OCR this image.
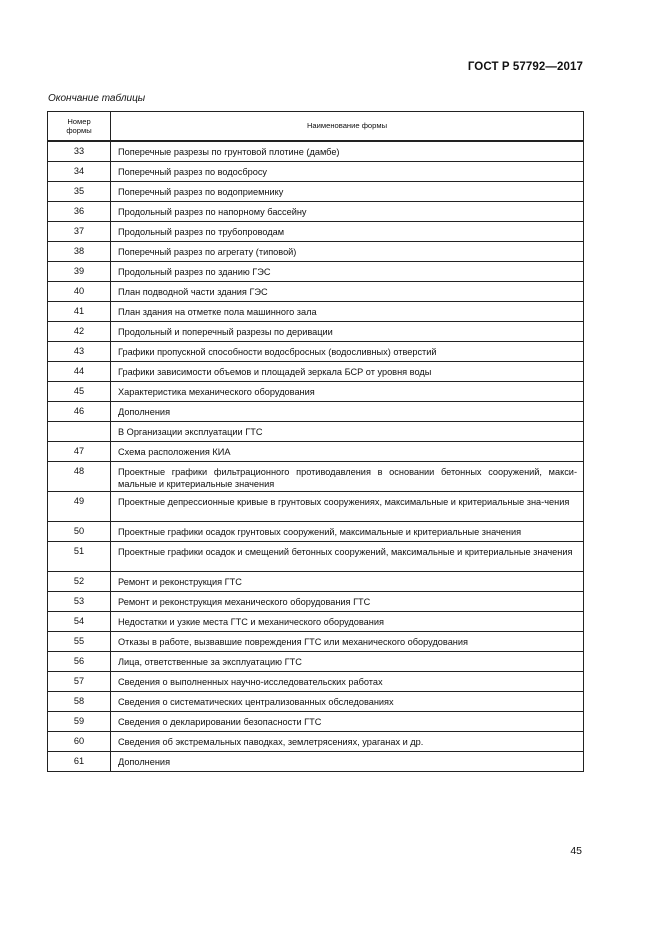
ГОСТ Р 57792—2017
Окончание таблицы
Номер
формы	Наименование формы
33	Поперечные разрезы по грунтовой плотине (дамбе)
34	Поперечный разрез по водосбросу
35	Поперечный разрез по водоприемнику
36	Продольный разрез по напорному бассейну
37	Продольный разрез по трубопроводам
38	Поперечный разрез по агрегату (типовой)
39	Продольный разрез по зданию ГЭС
40	План подводной части здания ГЭС
41	План здания на отметке пола машинного зала
42	Продольный и поперечный разрезы по деривации
43	Графики пропускной способности водосбросных (водосливных) отверстий
44	Графики зависимости объемов и площадей зеркала БСР от уровня воды
45	Характеристика механического оборудования
46	Дополнения
	В Организации эксплуатации ГТС
47	Схема расположения КИА
48	Проектные графики фильтрационного противодавления в основании бетонных сооружений, макси-мальные и критериальные значения
49	Проектные депрессионные кривые в грунтовых сооружениях, максимальные и критериальные зна-чения
50	Проектные графики осадок грунтовых сооружений, максимальные и критериальные значения
51	Проектные графики осадок и смещений бетонных сооружений, максимальные и критериальные значения
52	Ремонт и реконструкция ГТС
53	Ремонт и реконструкция механического оборудования ГТС
54	Недостатки и узкие места ГТС и механического оборудования
55	Отказы в работе, вызвавшие повреждения ГТС или механического оборудования
56	Лица, ответственные за эксплуатацию ГТС
57	Сведения о выполненных научно-исследовательских работах
58	Сведения о систематических централизованных обследованиях
59	Сведения о декларировании безопасности ГТС
60	Сведения об экстремальных паводках, землетрясениях, ураганах и др.
61	Дополнения
45
